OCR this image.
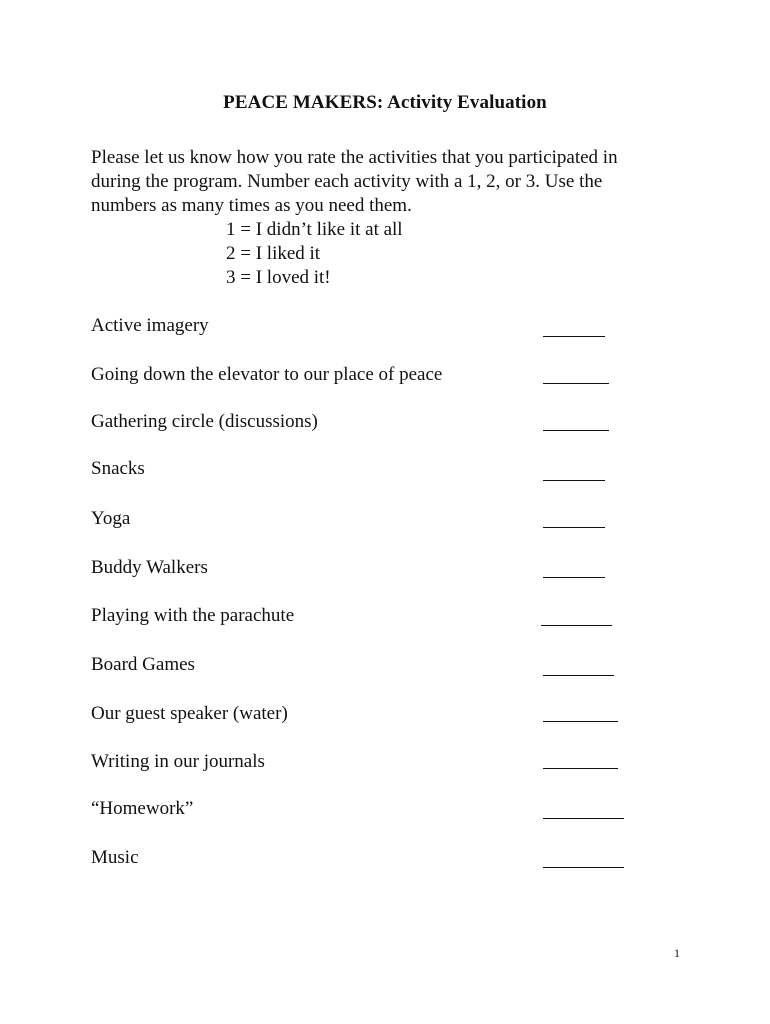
PEACE MAKERS: Activity Evaluation

Please let us know how you rate the activities that you participated in

during the program. Number each activity with a 1, 2, or 3. Use the

numbers as many times as you need them.

1 = I didn’t like it at all
2 = I liked it
3 = I loved it!
Active imagery
Going down the elevator to our place of peace
Gathering circle (discussions)
Snacks
Yoga
Buddy Walkers
Playing with the parachute
Board Games
Our guest speaker (water)
Writing in our journals
“Homework”
Music
1
